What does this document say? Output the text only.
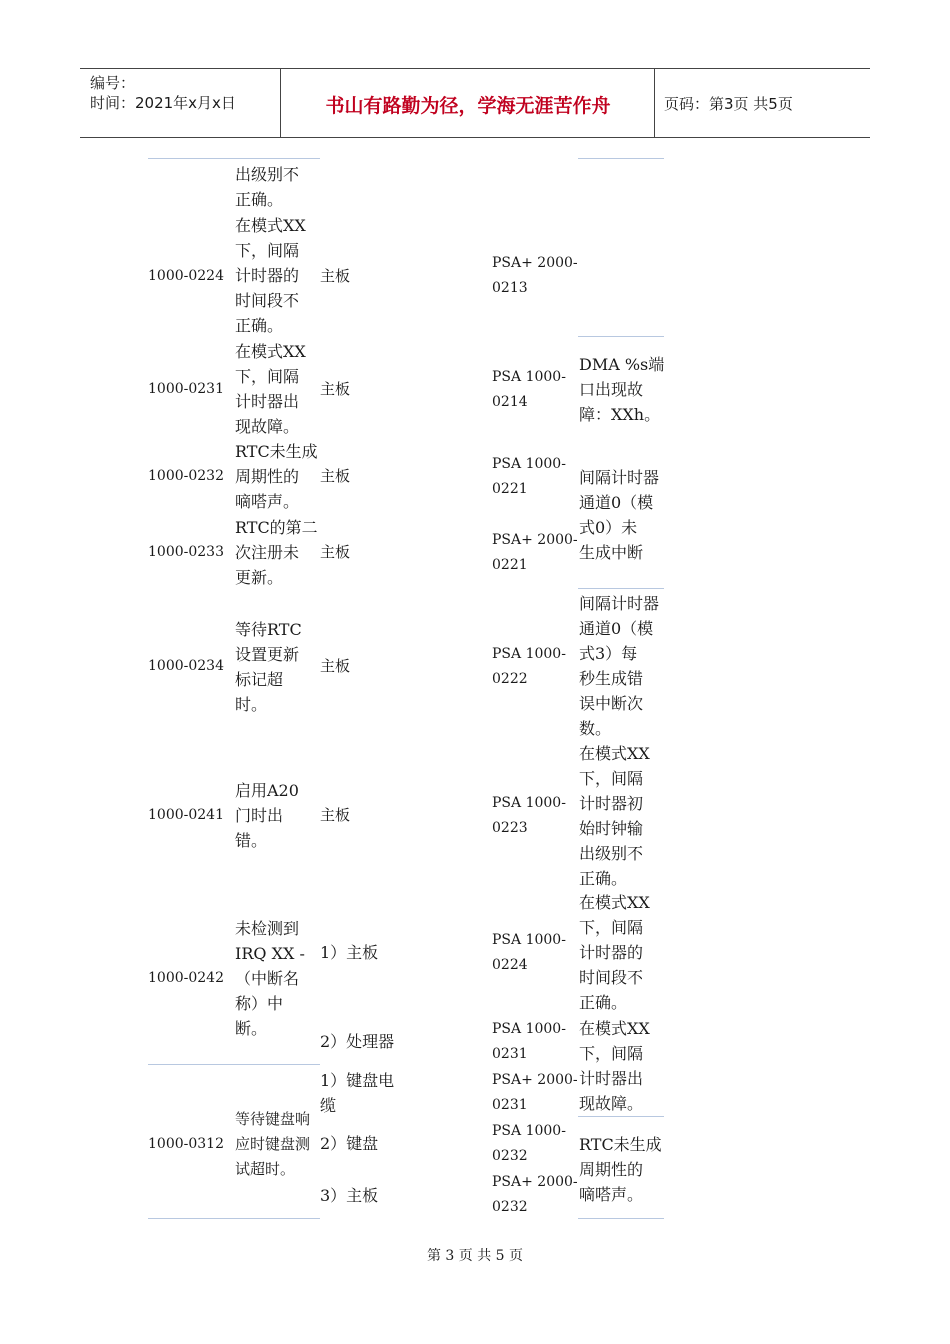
编号：
时间：2021年x月x日	书山有路勤为径，学海无涯苦作舟	页码：第3页 共5页
出级别不
正确。
1000-0224
在模式XX
下，间隔
计时器的
时间段不
正确。
主板
1000-0231
在模式XX
下，间隔
计时器出
现故障。
主板
1000-0232
RTC未生成
周期性的
嘀嗒声。
主板
1000-0233
RTC的第二
次注册未
更新。
主板
1000-0234
等待RTC
设置更新
标记超
时。
主板
1000-0241
启用A20
门时出
错。
主板
1000-0242
未检测到
IRQ XX -
（中断名
称）中
断。
1）主板
2）处理器
1000-0312
等待键盘响
应时键盘测
试超时。
1）键盘电
缆
2）键盘
3）主板
PSA+ 2000-
0213
PSA 1000-
0214
DMA %s端
口出现故
障：XXh。
PSA 1000-
0221
PSA+ 2000-
0221
间隔计时器
通道0（模
式0）未
生成中断
PSA 1000-
0222
间隔计时器
通道0（模
式3）每
秒生成错
误中断次
数。
PSA 1000-
0223
在模式XX
下，间隔
计时器初
始时钟输
出级别不
正确。
PSA 1000-
0224
在模式XX
下，间隔
计时器的
时间段不
正确。
PSA 1000-
0231
PSA+ 2000-
0231
在模式XX
下，间隔
计时器出
现故障。
PSA 1000-
0232
PSA+ 2000-
0232
RTC未生成
周期性的
嘀嗒声。
第 3 页 共 5 页
